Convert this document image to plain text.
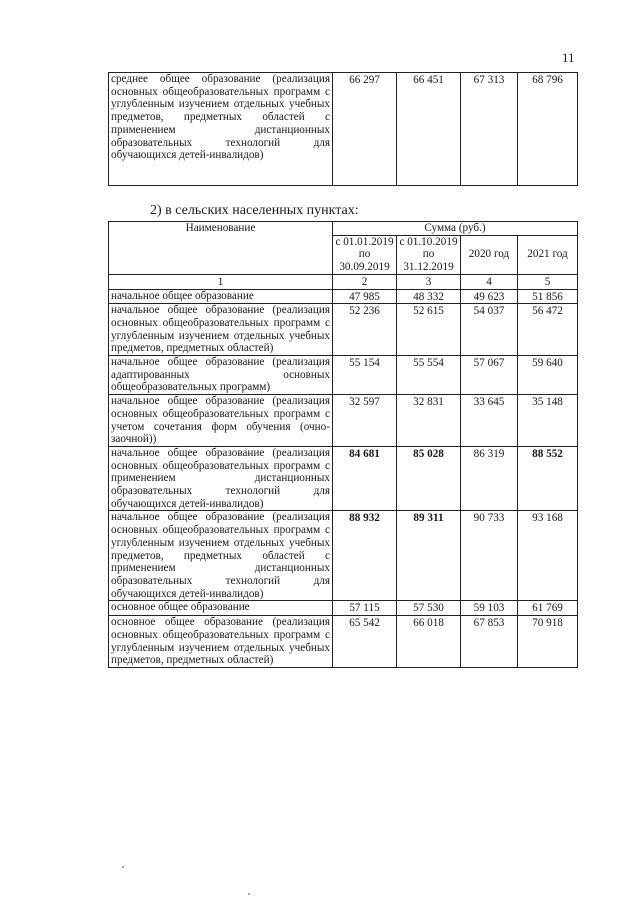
11
среднее общее образование (реализация основных общеобразовательных программ с углубленным изучением отдельных учебных предметов, предметных областей с применением дистанционных образовательных технологий для обучающихся детей-инвалидов)	66 297	66 451	67 313	68 796
2) в сельских населенных пунктах:
Наименование	Сумма (руб.)			
	с 01.01.2019 по 30.09.2019	с 01.10.2019 по 31.12.2019	2020 год	2021 год
1	2	3	4	5
начальное общее образование	47 985	48 332	49 623	51 856
начальное общее образование (реализация основных общеобразовательных программ с углубленным изучением отдельных учебных предметов, предметных областей)	52 236	52 615	54 037	56 472
начальное общее образование (реализация адаптированных основных общеобразовательных программ)	55 154	55 554	57 067	59 640
начальное общее образование (реализация основных общеобразовательных программ с учетом сочетания форм обучения (очно-заочной))	32 597	32 831	33 645	35 148
начальное общее образование (реализация основных общеобразовательных программ с применением дистанционных образовательных технологий для обучающихся детей-инвалидов)	84 681	85 028	86 319	88 552
начальное общее образование (реализация основных общеобразовательных программ с углубленным изучением отдельных учебных предметов, предметных областей с применением дистанционных образовательных технологий для обучающихся детей-инвалидов)	88 932	89 311	90 733	93 168
основное общее образование	57 115	57 530	59 103	61 769
основное общее образование (реализация основных общеобразовательных программ с углубленным изучением отдельных учебных предметов, предметных областей)	65 542	66 018	67 853	70 918
